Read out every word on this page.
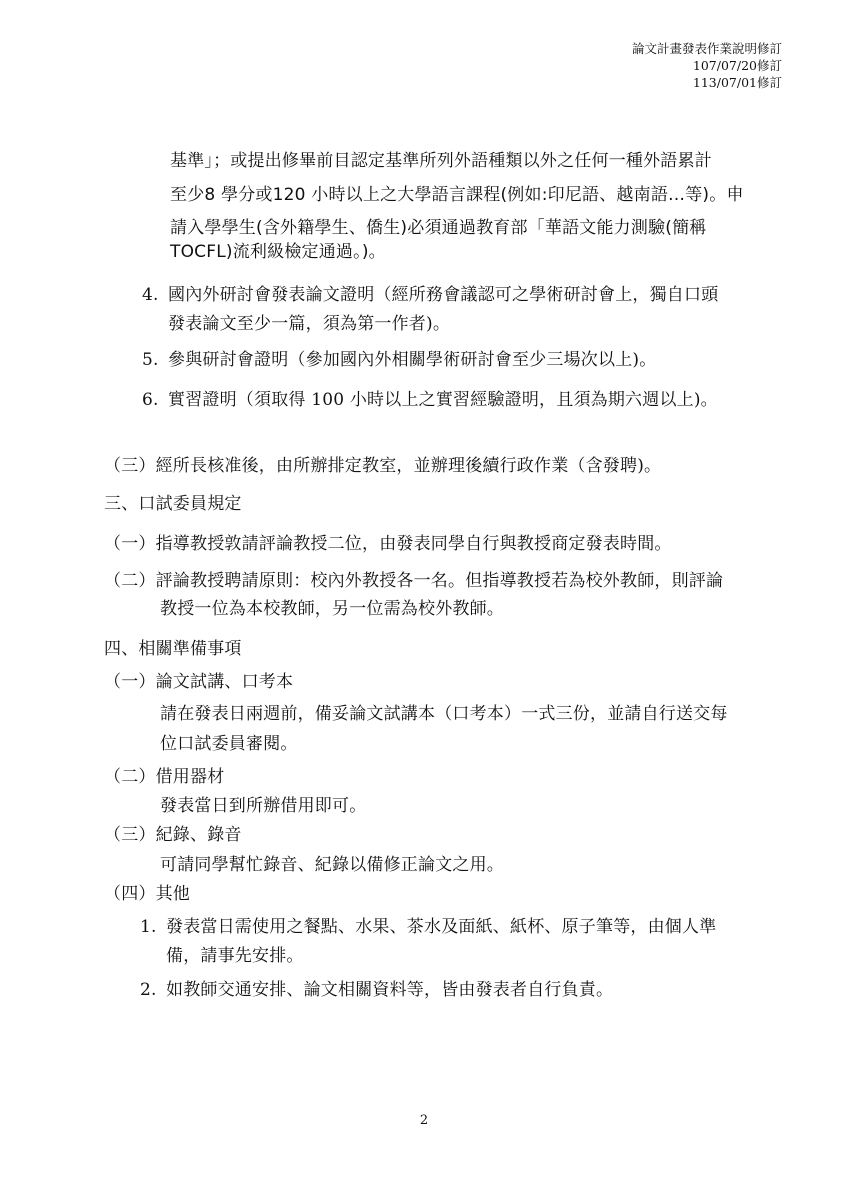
論文計畫發表作業說明修訂
107/07/20修訂
113/07/01修訂
基準」；或提出修畢前目認定基準所列外語種類以外之任何一種外語累計
至少8 學分或120 小時以上之大學語言課程(例如:印尼語、越南語…等)。申
請入學學生(含外籍學生、僑生)必須通過教育部「華語文能力測驗(簡稱
TOCFL)流利級檢定通過。)。
4. 國內外研討會發表論文證明（經所務會議認可之學術研討會上，獨自口頭
發表論文至少一篇，須為第一作者)。
5. 參與研討會證明（參加國內外相關學術研討會至少三場次以上)。
6. 實習證明（須取得 100 小時以上之實習經驗證明，且須為期六週以上)。
（三）經所長核准後，由所辦排定教室，並辦理後續行政作業（含發聘)。
三、口試委員規定
（一）指導教授敦請評論教授二位，由發表同學自行與教授商定發表時間。
（二）評論教授聘請原則：校內外教授各一名。但指導教授若為校外教師，則評論
教授一位為本校教師，另一位需為校外教師。
四、相關準備事項
（一）論文試講、口考本
請在發表日兩週前，備妥論文試講本（口考本）一式三份，並請自行送交每
位口試委員審閱。
（二）借用器材
發表當日到所辦借用即可。
（三）紀錄、錄音
可請同學幫忙錄音、紀錄以備修正論文之用。
（四）其他
1. 發表當日需使用之餐點、水果、茶水及面紙、紙杯、原子筆等，由個人準
備，請事先安排。
2. 如教師交通安排、論文相關資料等，皆由發表者自行負責。
2
